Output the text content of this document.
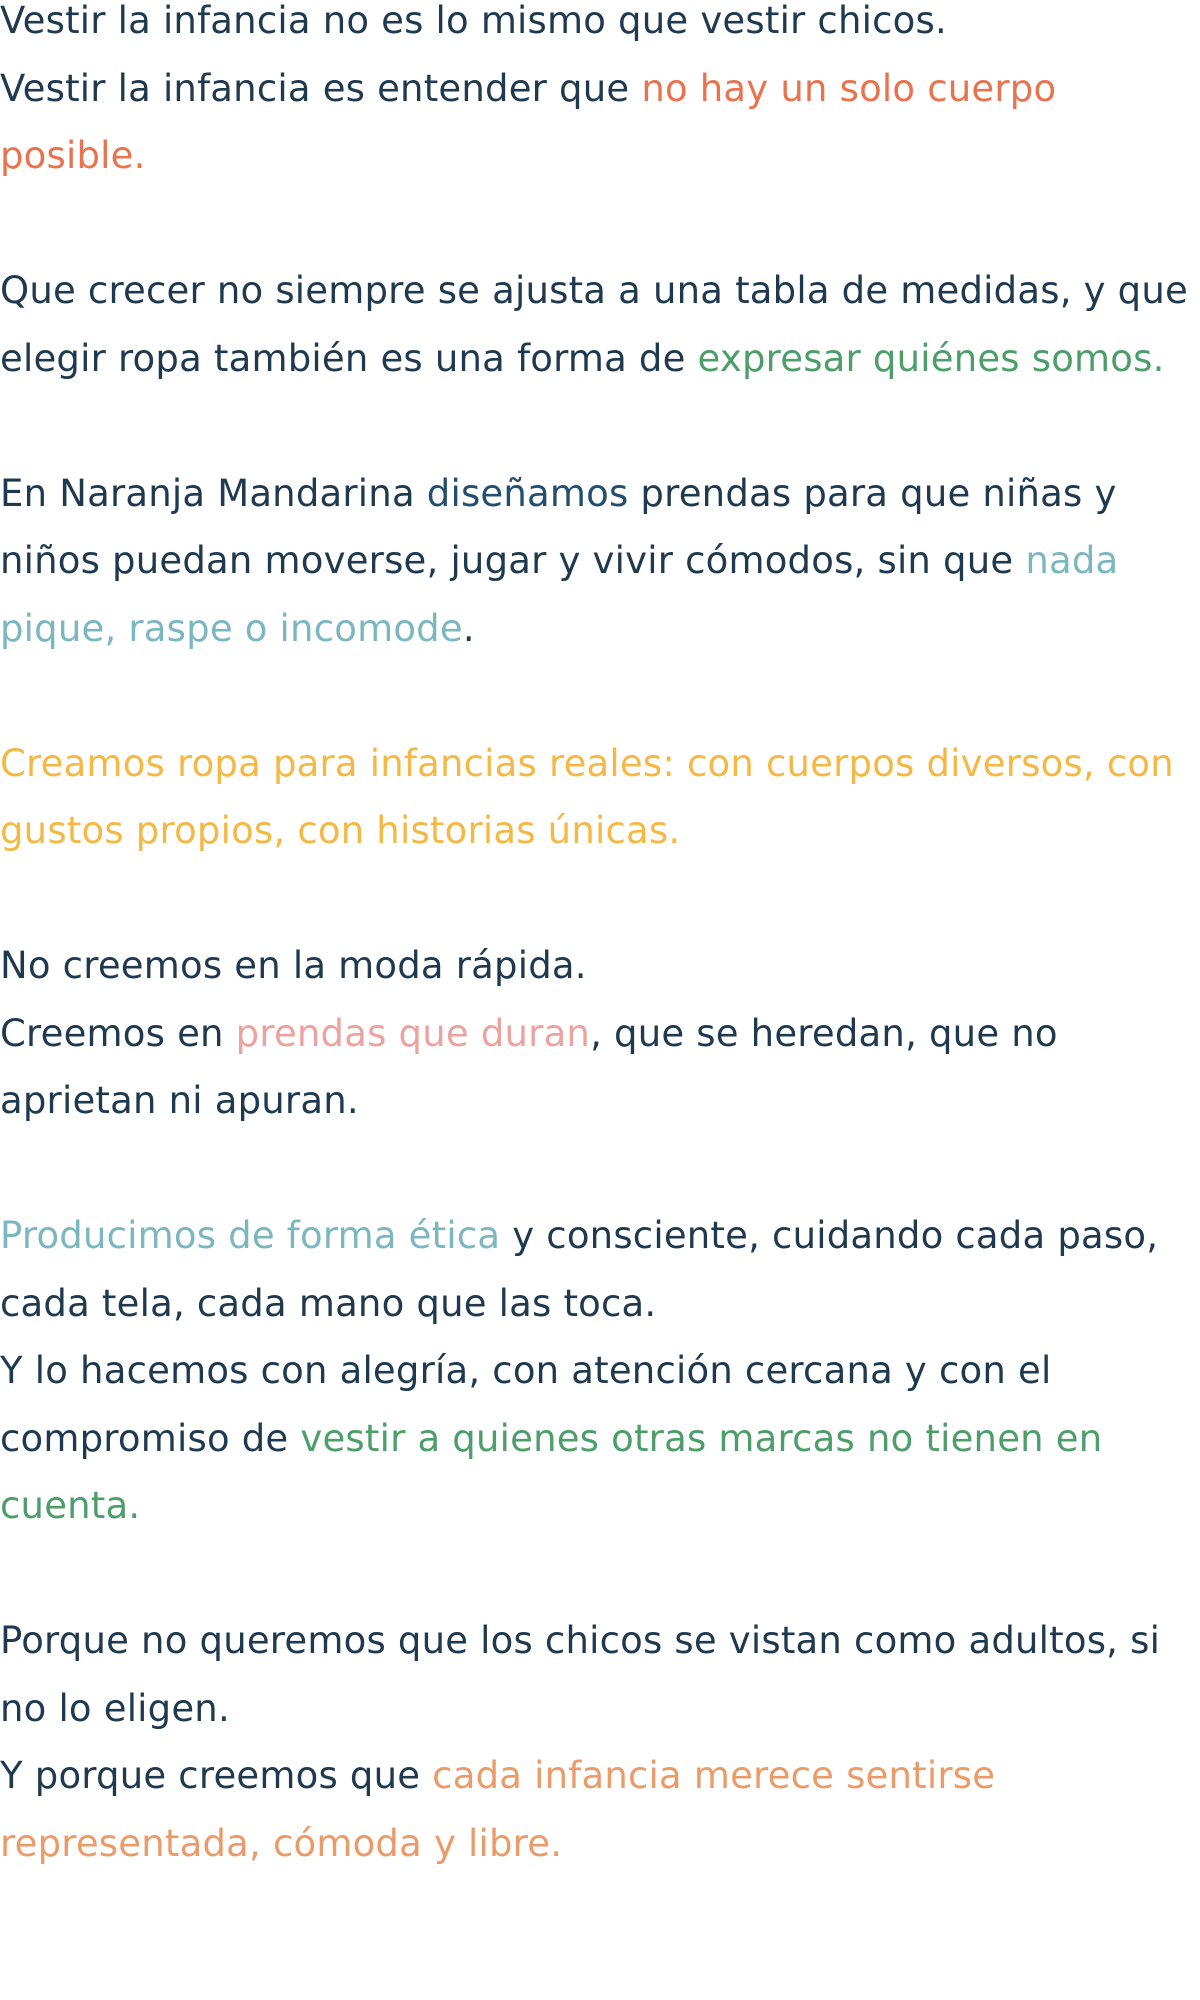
Vestir la infancia no es lo mismo que vestir chicos.
Vestir la infancia es entender que no hay un solo cuerpo
posible.

Que crecer no siempre se ajusta a una tabla de medidas, y que
elegir ropa también es una forma de expresar quiénes somos.

En Naranja Mandarina diseñamos prendas para que niñas y
niños puedan moverse, jugar y vivir cómodos, sin que nada
pique, raspe o incomode.

Creamos ropa para infancias reales: con cuerpos diversos, con
gustos propios, con historias únicas.

No creemos en la moda rápida.
Creemos en prendas que duran, que se heredan, que no
aprietan ni apuran.

Producimos de forma ética y consciente, cuidando cada paso,
cada tela, cada mano que las toca.
Y lo hacemos con alegría, con atención cercana y con el
compromiso de vestir a quienes otras marcas no tienen en
cuenta.

Porque no queremos que los chicos se vistan como adultos, si
no lo eligen.
Y porque creemos que cada infancia merece sentirse
representada, cómoda y libre.
